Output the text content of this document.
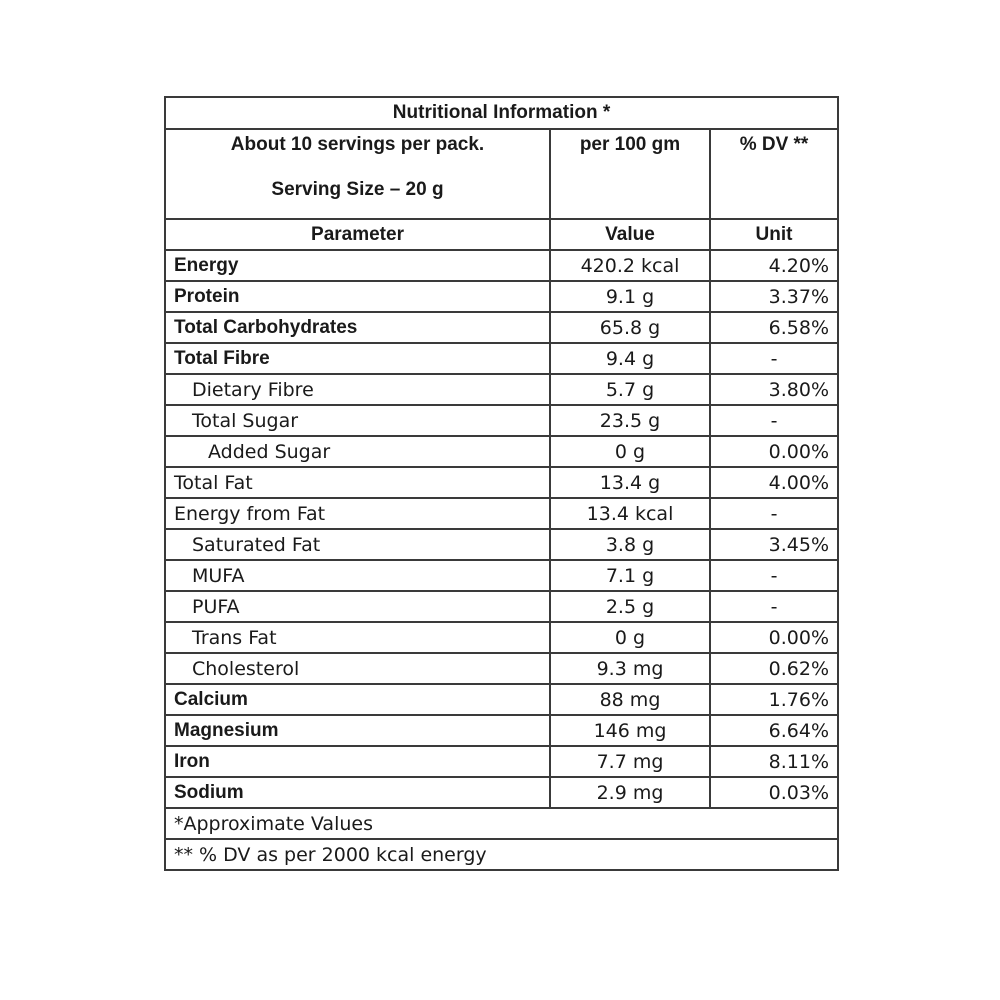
Nutritional Information *		

About 10 servings per pack.
Serving Size – 20 g	per 100 gm	% DV **
Parameter	Value	Unit
Energy	420.2 kcal	4.20%
Protein	9.1 g	3.37%
Total Carbohydrates	65.8 g	6.58%
Total Fibre	9.4 g	-
Dietary Fibre	5.7 g	3.80%
Total Sugar	23.5 g	-
Added Sugar	0 g	0.00%
Total Fat	13.4 g	4.00%
Energy from Fat	13.4 kcal	-
Saturated Fat	3.8 g	3.45%
MUFA	7.1 g	-
PUFA	2.5 g	-
Trans Fat	0 g	0.00%
Cholesterol	9.3 mg	0.62%
Calcium	88 mg	1.76%
Magnesium	146 mg	6.64%
Iron	7.7 mg	8.11%
Sodium	2.9 mg	0.03%
*Approximate Values		
** % DV as per 2000 kcal energy		
